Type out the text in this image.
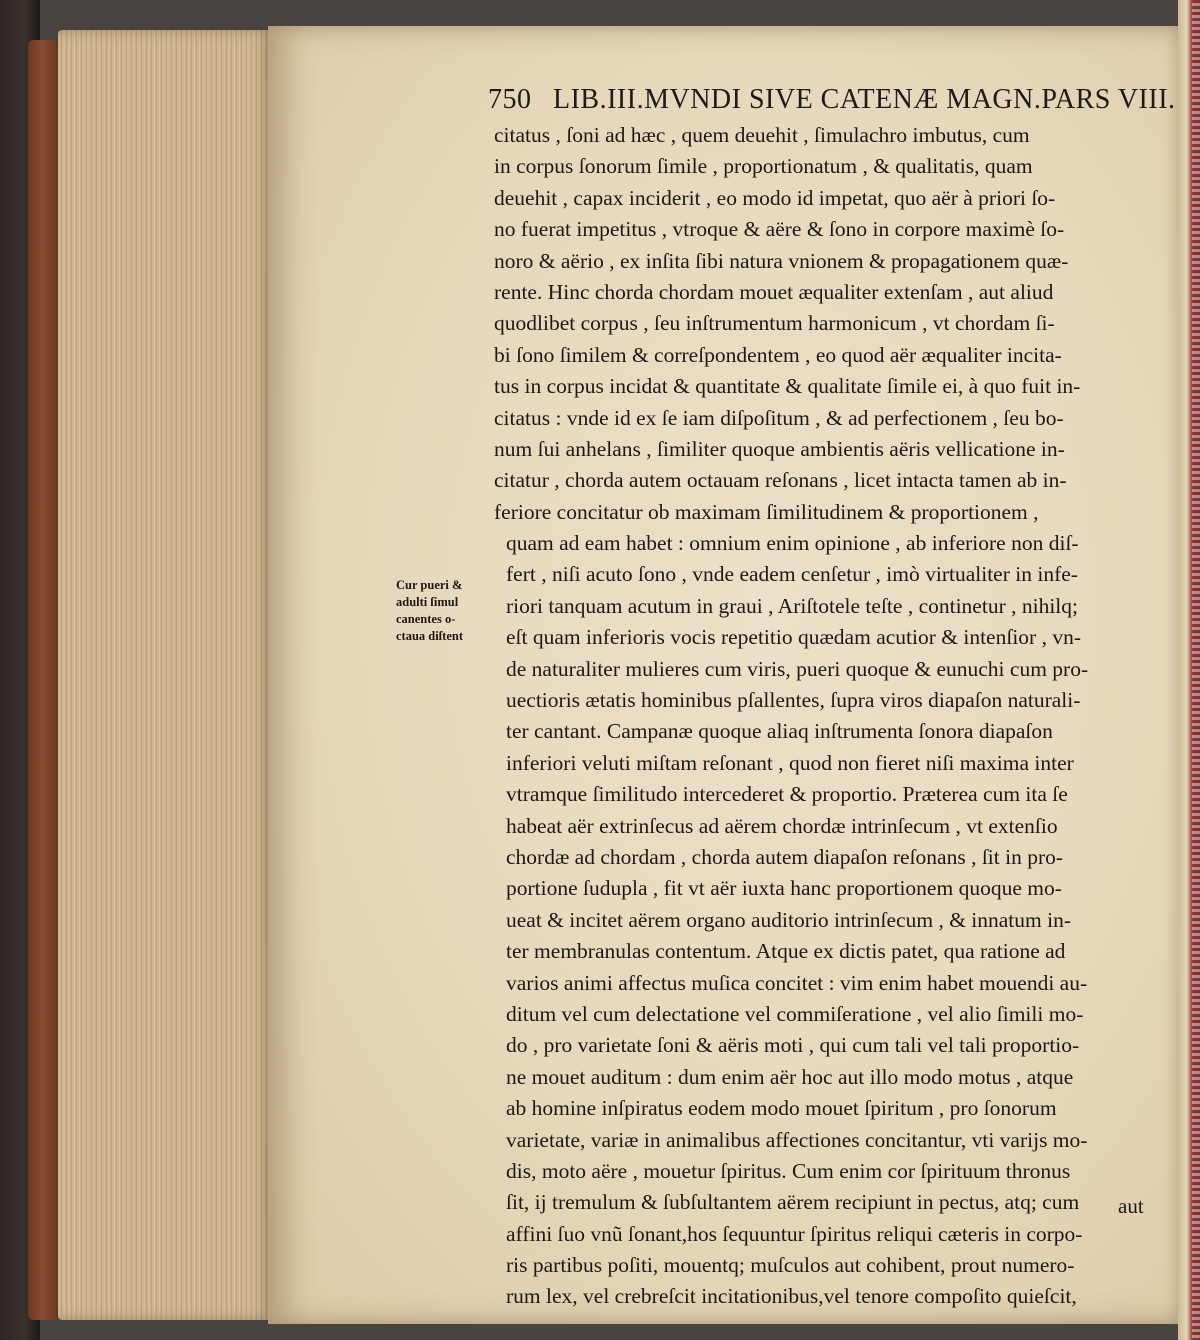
750 LIB.III.MVNDI SIVE CATENÆ MAGN.PARS VIII.
citatus , ſoni ad hæc , quem deuehit , ſimulachro imbutus, cum
in corpus ſonorum ſimile , proportionatum , & qualitatis, quam
deuehit , capax inciderit , eo modo id impetat, quo aër à priori ſo-
no fuerat impetitus , vtroque & aëre & ſono in corpore maximè ſo-
noro & aërio , ex inſita ſibi natura vnionem & propagationem quæ-
rente. Hinc chorda chordam mouet æqualiter extenſam , aut aliud
quodlibet corpus , ſeu inſtrumentum harmonicum , vt chordam ſi-
bi ſono ſimilem & correſpondentem , eo quod aër æqualiter incita-
tus in corpus incidat & quantitate & qualitate ſimile ei, à quo fuit in-
citatus : vnde id ex ſe iam diſpoſitum , & ad perfectionem , ſeu bo-
num ſui anhelans , ſimiliter quoque ambientis aëris vellicatione in-
citatur , chorda autem octauam reſonans , licet intacta tamen ab in-
feriore concitatur ob maximam ſimilitudinem & proportionem ,
quam ad eam habet : omnium enim opinione , ab inferiore non diſ-
fert , niſi acuto ſono , vnde eadem cenſetur , imò virtualiter in infe-
riori tanquam acutum in graui , Ariſtotele teſte , continetur , nihilq;
eſt quam inferioris vocis repetitio quædam acutior & intenſior , vn-
de naturaliter mulieres cum viris, pueri quoque & eunuchi cum pro-
uectioris ætatis hominibus pſallentes, ſupra viros diapaſon naturali-
ter cantant. Campanæ quoque aliaq inſtrumenta ſonora diapaſon
inferiori veluti miſtam reſonant , quod non fieret niſi maxima inter
vtramque ſimilitudo intercederet & proportio. Præterea cum ita ſe
habeat aër extrinſecus ad aërem chordæ intrinſecum , vt extenſio
chordæ ad chordam , chorda autem diapaſon reſonans , ſit in pro-
portione ſudupla , fit vt aër iuxta hanc proportionem quoque mo-
ueat & incitet aërem organo auditorio intrinſecum , & innatum in-
ter membranulas contentum. Atque ex dictis patet, qua ratione ad
varios animi affectus muſica concitet : vim enim habet mouendi au-
ditum vel cum delectatione vel commiſeratione , vel alio ſimili mo-
do , pro varietate ſoni & aëris moti , qui cum tali vel tali proportio-
ne mouet auditum : dum enim aër hoc aut illo modo motus , atque
ab homine inſpiratus eodem modo mouet ſpiritum , pro ſonorum
varietate, variæ in animalibus affectiones concitantur, vti varijs mo-
dis, moto aëre , mouetur ſpiritus. Cum enim cor ſpirituum thronus
ſit, ij tremulum & ſubſultantem aërem recipiunt in pectus, atq; cum
affini ſuo vnũ ſonant,hos ſequuntur ſpiritus reliqui cæteris in corpo-
ris partibus poſiti, mouentq; muſculos aut cohibent, prout numero-
rum lex, vel crebreſcit incitationibus,vel tenore compoſito quieſcit,
aut
Cur pueri &
adulti ſimul
canentes o-
ctaua diſtent
